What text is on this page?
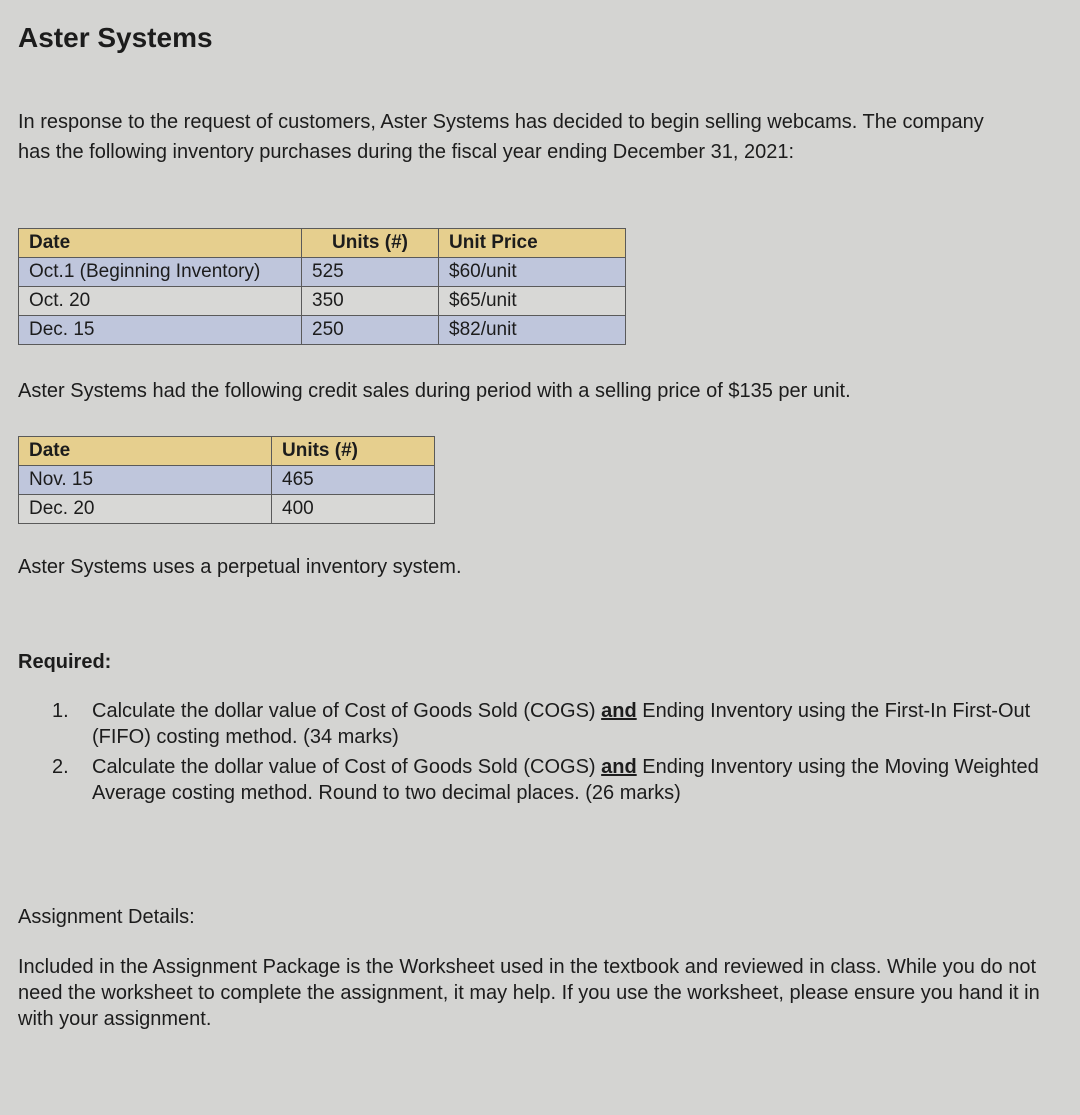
Aster Systems

In response to the request of customers, Aster Systems has decided to begin selling webcams. The company has the following inventory purchases during the fiscal year ending December 31, 2021:

Date	Units (#)	Unit Price
Oct.1 (Beginning Inventory)	525	$60/unit
Oct. 20	350	$65/unit
Dec. 15	250	$82/unit

Aster Systems had the following credit sales during period with a selling price of $135 per unit.

Date	Units (#)
Nov. 15	465
Dec. 20	400

Aster Systems uses a perpetual inventory system.

Required:

1. Calculate the dollar value of Cost of Goods Sold (COGS) and Ending Inventory using the First-In First-Out (FIFO) costing method. (34 marks)
2. Calculate the dollar value of Cost of Goods Sold (COGS) and Ending Inventory using the Moving Weighted Average costing method. Round to two decimal places. (26 marks)

Assignment Details:

Included in the Assignment Package is the Worksheet used in the textbook and reviewed in class. While you do not need the worksheet to complete the assignment, it may help. If you use the worksheet, please ensure you hand it in with your assignment.
